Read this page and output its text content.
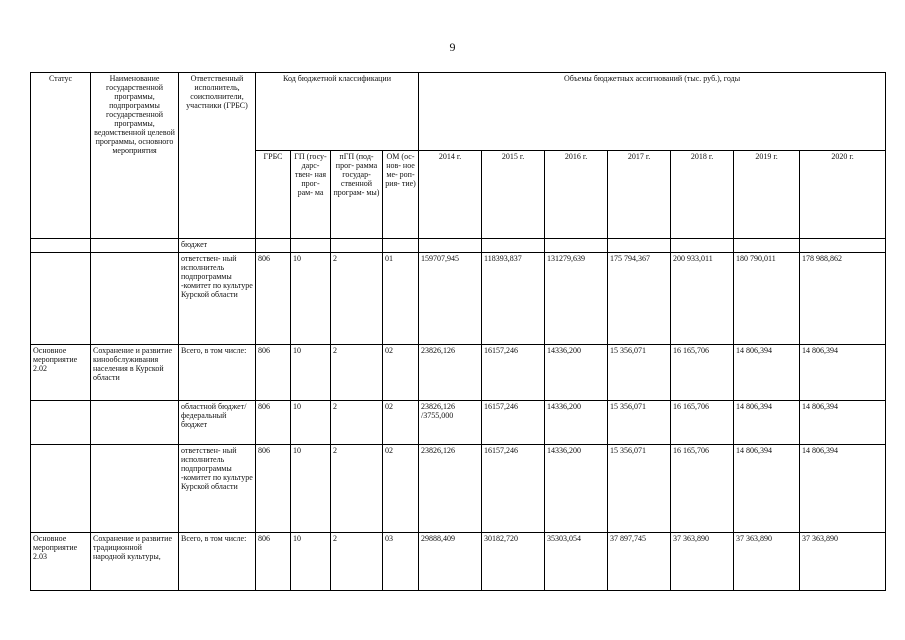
9
Статус	Наименование государственной программы, подпрограммы государственной программы, ведомственной целевой программы, основного мероприятия	Ответственный исполнитель, соисполнители, участники (ГРБС)	Код бюджетной классификации				Объемы бюджетных ассигнований (тыс. руб.), годы						
			ГРБС	ГП (госу- дарс- твен- ная прог- рам- ма	пГП (под- прог- рамма государ- ственной програм- мы)	ОМ (ос- нов- ное ме- роп- рия- тие)	2014 г.	2015 г.	2016 г.	2017 г.	2018 г.	2019 г.	2020 г.
		бюджет											
		ответствен- ный исполнитель подпрограммы -комитет по культуре Курской области	806	10	2	01	159707,945	118393,837	131279,639	175 794,367	200 933,011	180 790,011	178 988,862
Основное мероприятие 2.02	Сохранение и развитие кинообслуживания населения в Курской области	Всего, в том числе:	806	10	2	02	23826,126	16157,246	14336,200	15 356,071	16 165,706	14 806,394	14 806,394
		областной бюджет/ федеральный бюджет	806	10	2	02	23826,126 /3755,000	16157,246	14336,200	15 356,071	16 165,706	14 806,394	14 806,394
		ответствен- ный исполнитель подпрограммы -комитет по культуре Курской области	806	10	2	02	23826,126	16157,246	14336,200	15 356,071	16 165,706	14 806,394	14 806,394
Основное мероприятие 2.03	Сохранение и развитие традиционной народной культуры,	Всего, в том числе:	806	10	2	03	29888,409	30182,720	35303,054	37 897,745	37 363,890	37 363,890	37 363,890
